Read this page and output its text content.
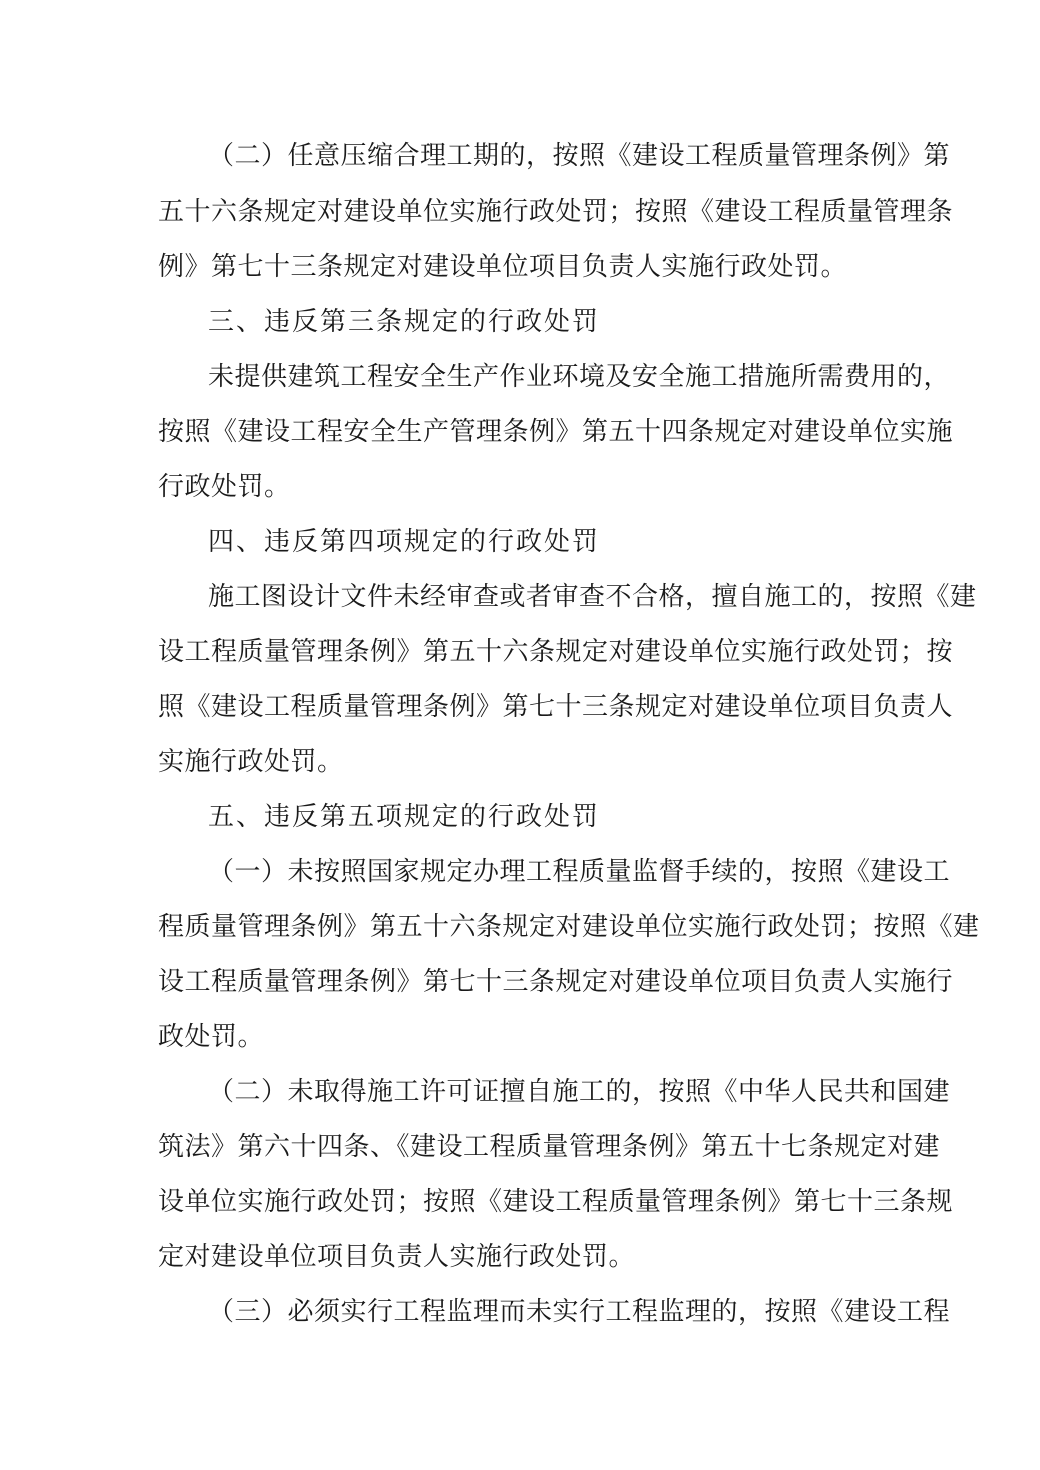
（二）任意压缩合理工期的，按照《建设工程质量管理条例》第
五十六条规定对建设单位实施行政处罚；按照《建设工程质量管理条
例》第七十三条规定对建设单位项目负责人实施行政处罚。
三、违反第三条规定的行政处罚
未提供建筑工程安全生产作业环境及安全施工措施所需费用的，
按照《建设工程安全生产管理条例》第五十四条规定对建设单位实施
行政处罚。
四、违反第四项规定的行政处罚
施工图设计文件未经审查或者审查不合格，擅自施工的，按照《建
设工程质量管理条例》第五十六条规定对建设单位实施行政处罚；按
照《建设工程质量管理条例》第七十三条规定对建设单位项目负责人
实施行政处罚。
五、违反第五项规定的行政处罚
（一）未按照国家规定办理工程质量监督手续的，按照《建设工
程质量管理条例》第五十六条规定对建设单位实施行政处罚；按照《建
设工程质量管理条例》第七十三条规定对建设单位项目负责人实施行
政处罚。
（二）未取得施工许可证擅自施工的，按照《中华人民共和国建
筑法》第六十四条、《建设工程质量管理条例》第五十七条规定对建
设单位实施行政处罚；按照《建设工程质量管理条例》第七十三条规
定对建设单位项目负责人实施行政处罚。
（三）必须实行工程监理而未实行工程监理的，按照《建设工程
